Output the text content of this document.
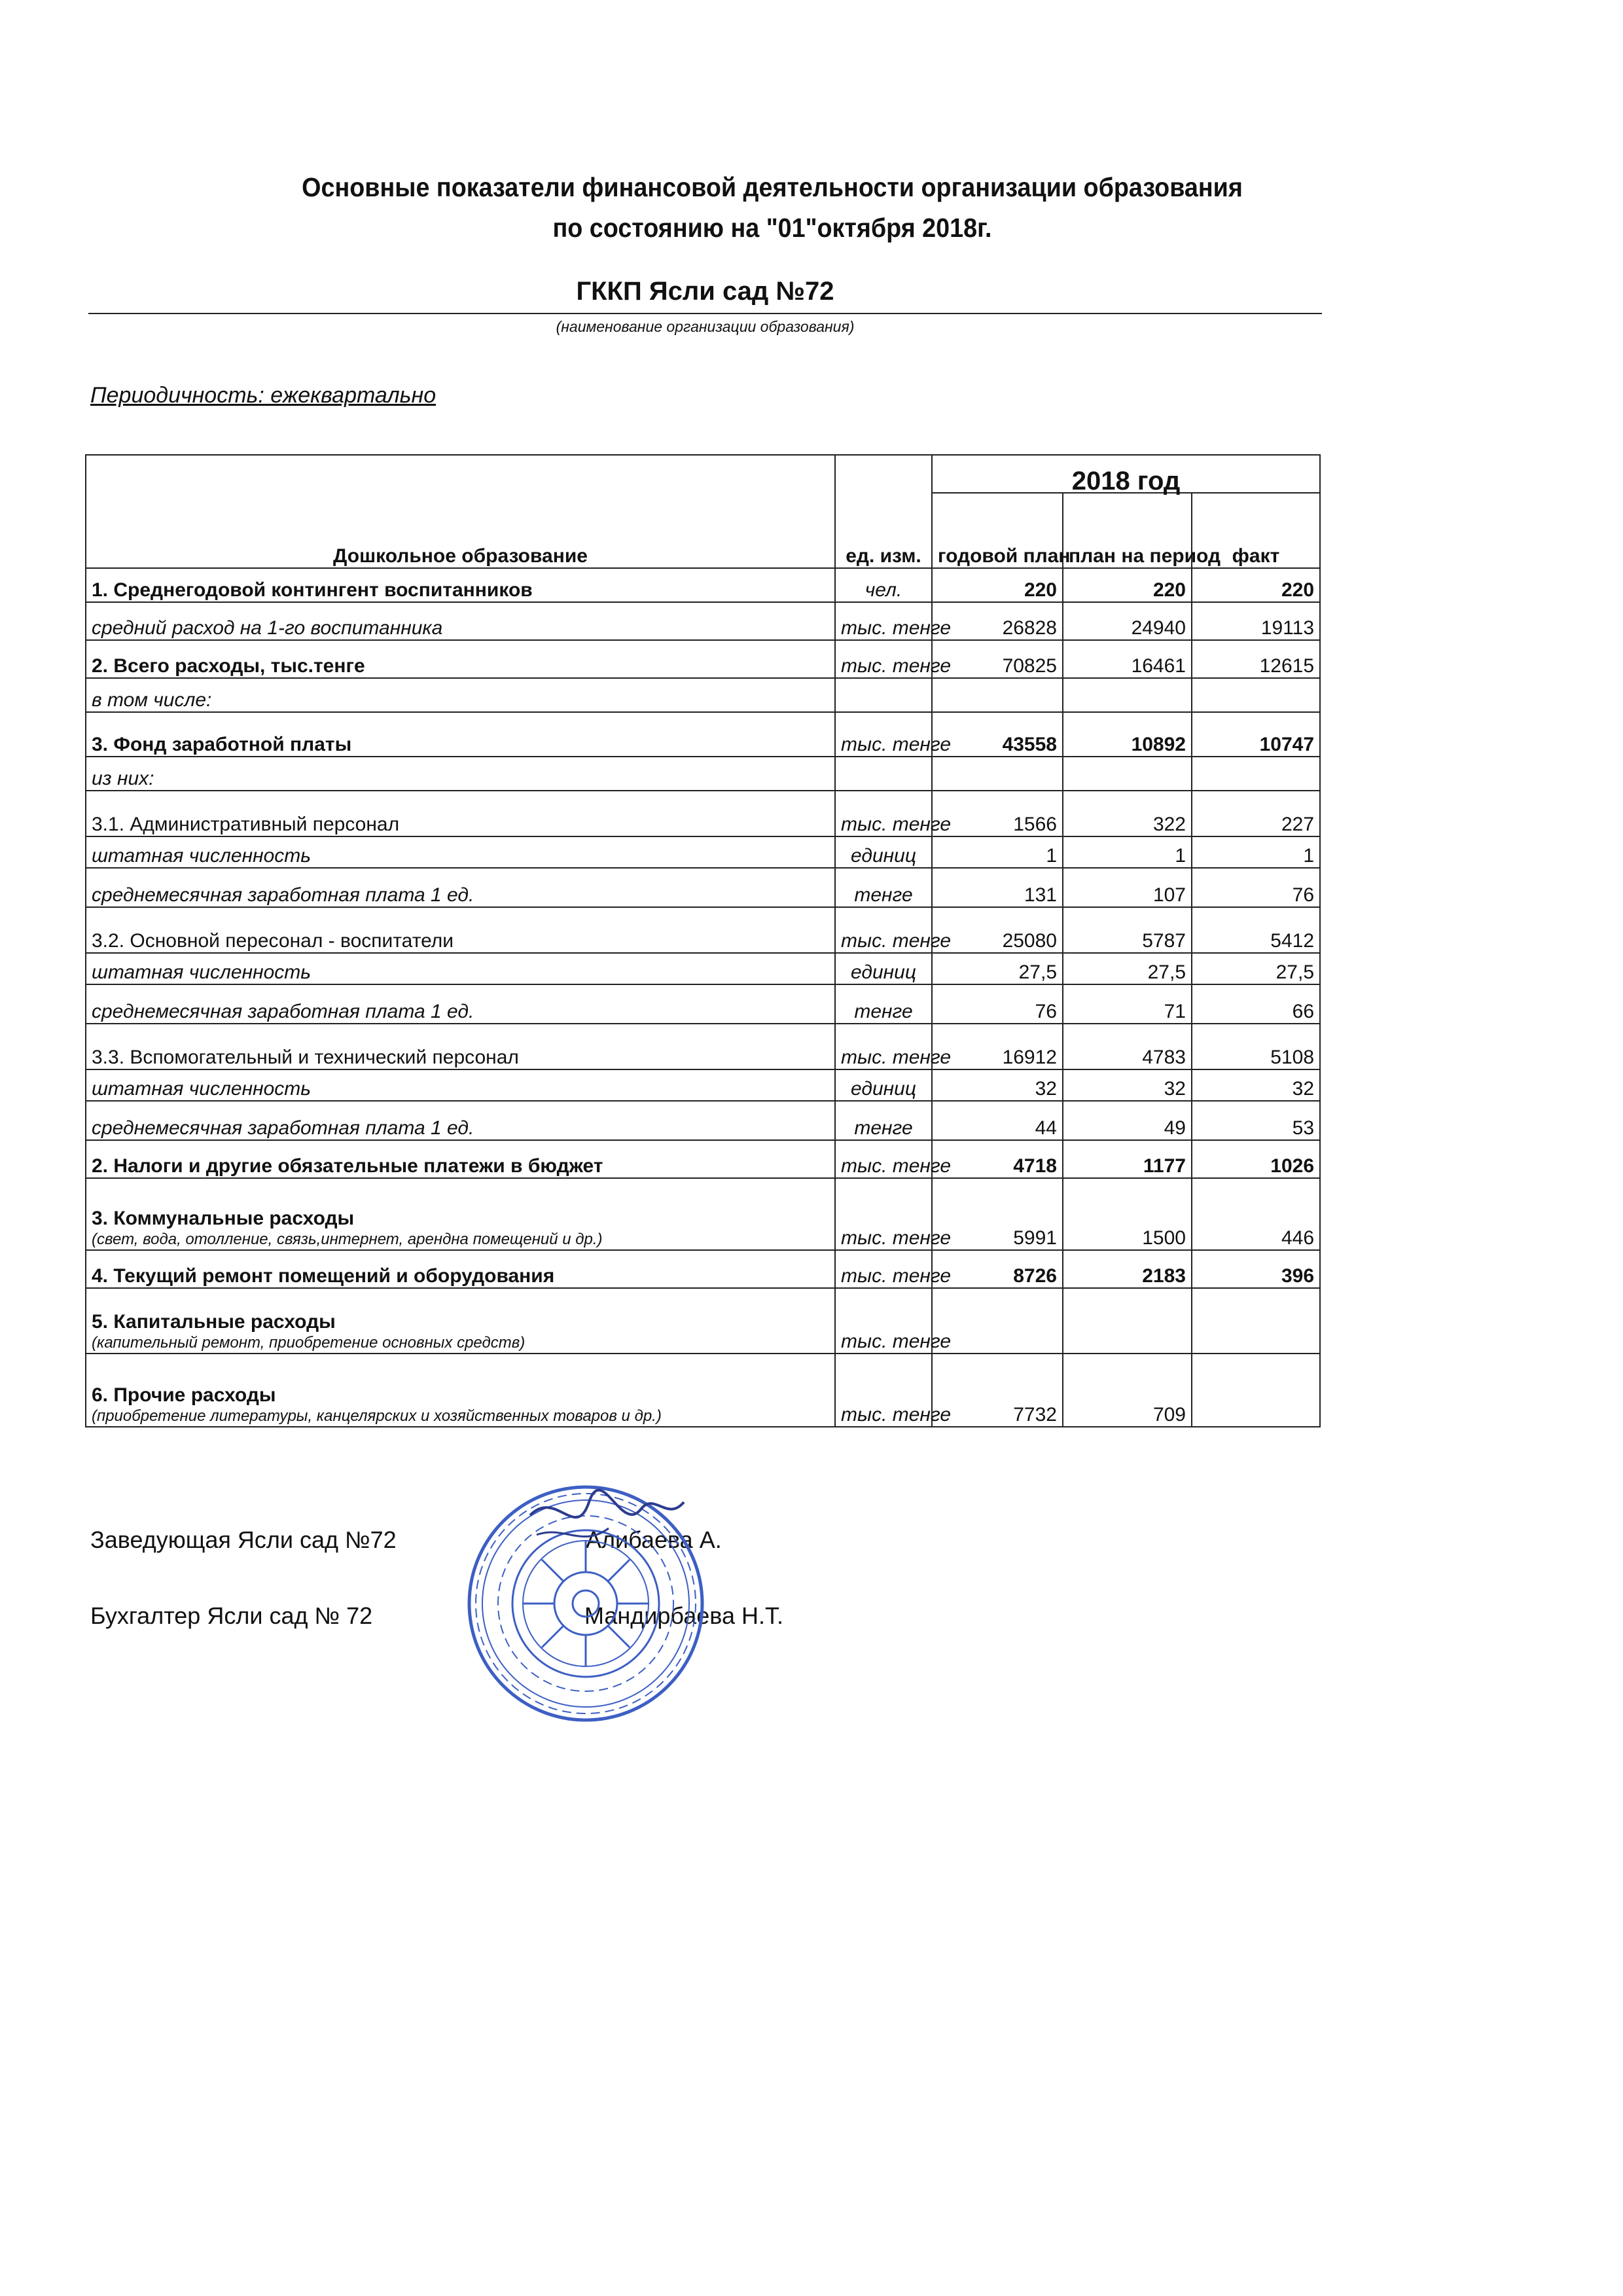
Основные показатели финансовой деятельности организации образования
по состоянию на "01"октября 2018г.
ГККП Ясли сад №72
(наименование организации образования)
Периодичность: ежеквартально
Дошкольное образование	ед. изм.	2018 год		
		годовой план	план на период	факт
1. Среднегодовой контингент воспитанников	чел.	220	220	220
средний расход на 1-го воспитанника	тыс. тенге	26828	24940	19113
2. Всего расходы, тыс.тенге	тыс. тенге	70825	16461	12615
в том числе:				
3. Фонд заработной платы	тыс. тенге	43558	10892	10747
из них:				
3.1. Административный персонал	тыс. тенге	1566	322	227
штатная численность	единиц	1	1	1
среднемесячная заработная плата 1 ед.	тенге	131	107	76
3.2. Основной пересонал - воспитатели	тыс. тенге	25080	5787	5412
штатная численность	единиц	27,5	27,5	27,5
среднемесячная заработная плата 1 ед.	тенге	76	71	66
3.3. Вспомогательный и технический персонал	тыс. тенге	16912	4783	5108
штатная численность	единиц	32	32	32
среднемесячная заработная плата 1 ед.	тенге	44	49	53
2. Налоги и другие обязательные платежи в бюджет	тыс. тенге	4718	1177	1026
3. Коммунальные расходы
(свет, вода, отолление, связь,интернет, арендна помещений и др.)	тыс. тенге	5991	1500	446
4. Текущий ремонт помещений и оборудования	тыс. тенге	8726	2183	396
5. Капитальные расходы
(капительный ремонт, приобретение основных средств)	тыс. тенге			
6. Прочие расходы
(приобретение литературы, канцелярских и хозяйственных товаров и др.)	тыс. тенге	7732	709	
Заведующая Ясли сад №72	Алибаева А.
Бухгалтер Ясли сад № 72	Мандирбаева Н.Т.
